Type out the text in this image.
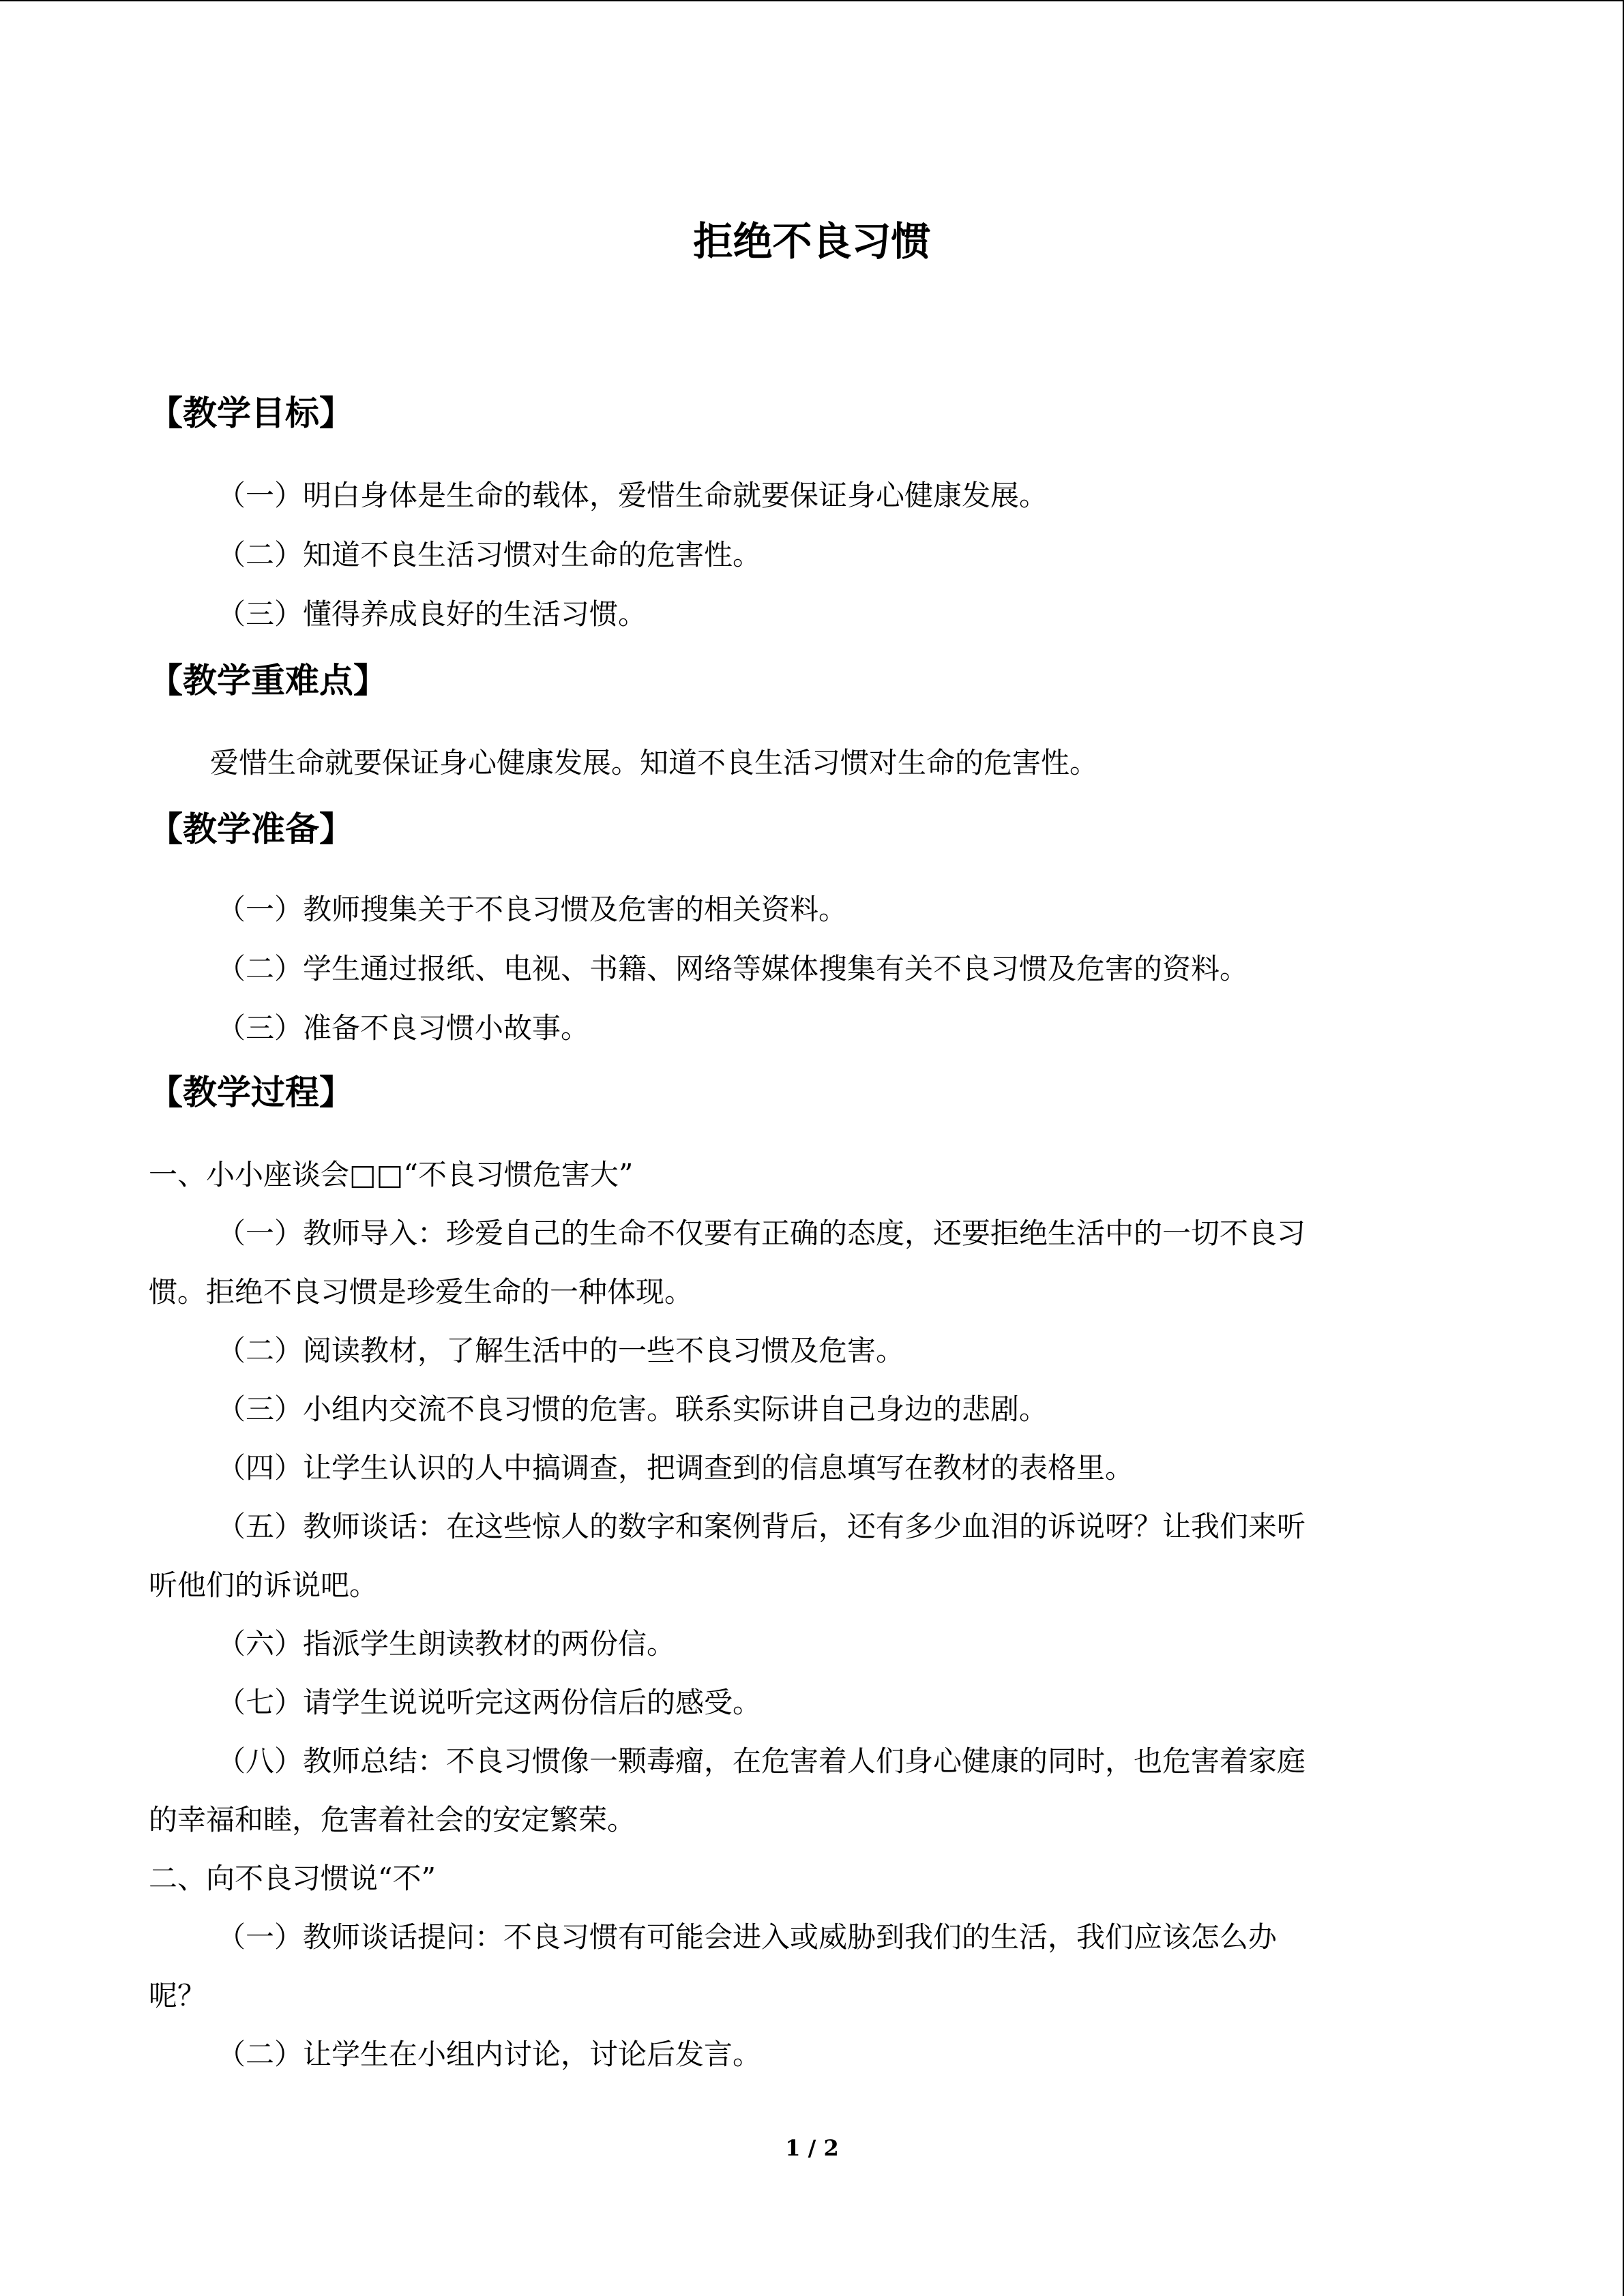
拒绝不良习惯
【教学目标】

（一）明白身体是生命的载体，爱惜生命就要保证身心健康发展。

（二）知道不良生活习惯对生命的危害性。

（三）懂得养成良好的生活习惯。

【教学重难点】

爱惜生命就要保证身心健康发展。知道不良生活习惯对生命的危害性。

【教学准备】

（一）教师搜集关于不良习惯及危害的相关资料。

（二）学生通过报纸、电视、书籍、网络等媒体搜集有关不良习惯及危害的资料。

（三）准备不良习惯小故事。

【教学过程】

一、小小座谈会□□“不良习惯危害大”

（一）教师导入：珍爱自己的生命不仅要有正确的态度，还要拒绝生活中的一切不良习

惯。拒绝不良习惯是珍爱生命的一种体现。

（二）阅读教材，了解生活中的一些不良习惯及危害。

（三）小组内交流不良习惯的危害。联系实际讲自己身边的悲剧。

（四）让学生认识的人中搞调查，把调查到的信息填写在教材的表格里。

（五）教师谈话：在这些惊人的数字和案例背后，还有多少血泪的诉说呀？让我们来听

听他们的诉说吧。

（六）指派学生朗读教材的两份信。

（七）请学生说说听完这两份信后的感受。

（八）教师总结：不良习惯像一颗毒瘤，在危害着人们身心健康的同时，也危害着家庭

的幸福和睦，危害着社会的安定繁荣。

二、向不良习惯说“不”

（一）教师谈话提问：不良习惯有可能会进入或威胁到我们的生活，我们应该怎么办

呢？

（二）让学生在小组内讨论，讨论后发言。

1 / 2
